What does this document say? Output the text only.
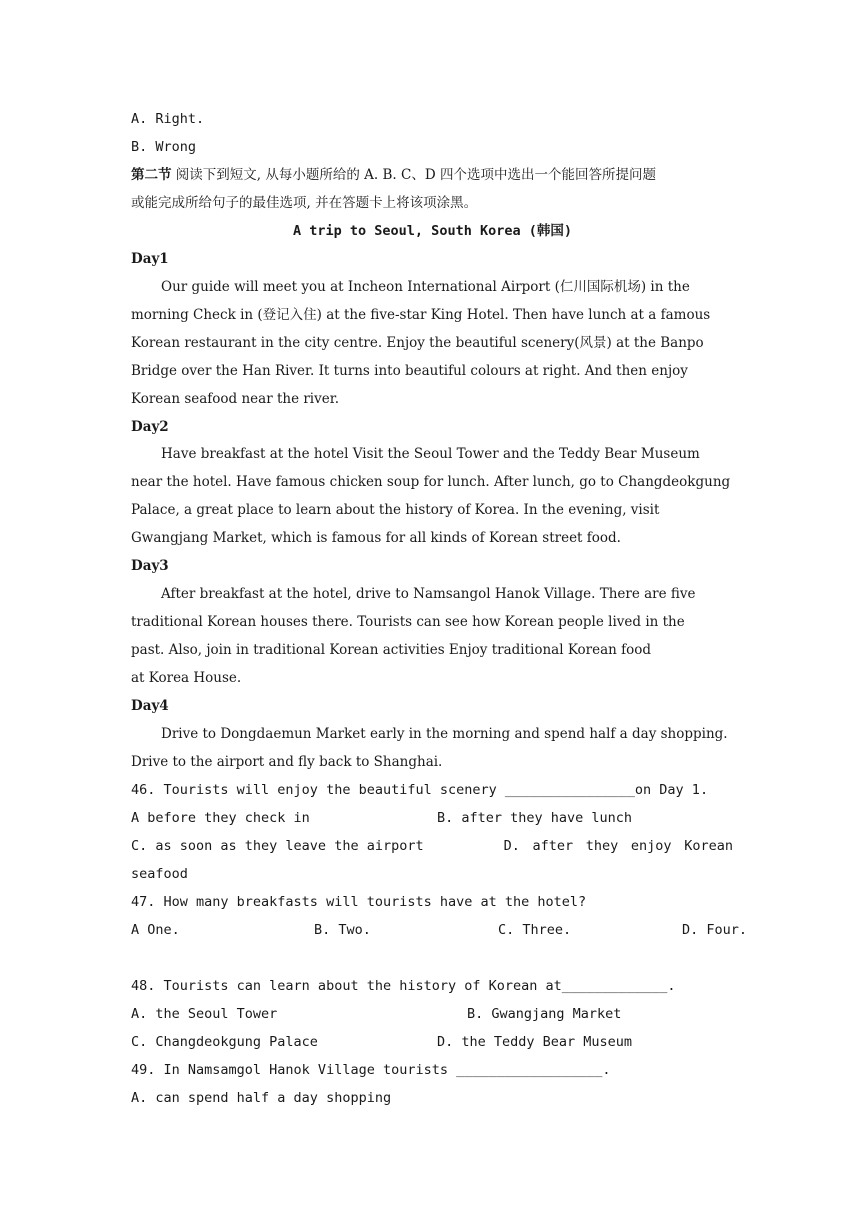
A. Right.
B. Wrong
第二节 阅读下到短文, 从每小题所给的 A. B. C、D 四个选项中选出一个能回答所提问题
或能完成所给句子的最佳选项, 并在答题卡上将该项涂黑。
A trip to Seoul, South Korea (韩国)
Day1
Our guide will meet you at Incheon International Airport (仁川国际机场) in the
morning Check in (登记入住) at the five-star King Hotel. Then have lunch at a famous
Korean restaurant in the city centre. Enjoy the beautiful scenery(风景) at the Banpo
Bridge over the Han River. It turns into beautiful colours at right. And then enjoy
Korean seafood near the river.
Day2
Have breakfast at the hotel Visit the Seoul Tower and the Teddy Bear Museum
near the hotel. Have famous chicken soup for lunch. After lunch, go to Changdeokgung
Palace, a great place to learn about the history of Korea. In the evening, visit
Gwangjang Market, which is famous for all kinds of Korean street food.
Day3
After breakfast at the hotel, drive to Namsangol Hanok Village. There are five
traditional Korean houses there. Tourists can see how Korean people lived in the
past. Also, join in traditional Korean activities Enjoy traditional Korean food
at Korea House.
Day4
Drive to Dongdaemun Market early in the morning and spend half a day shopping.
Drive to the airport and fly back to Shanghai.
46. Tourists will enjoy the beautiful scenery ________________on Day 1.
A before they check in	B. after they have lunch
C. as soon as they leave the airport	D. after they enjoy Korean
seafood
47. How many breakfasts will tourists have at the hotel?
A One.	B. Two.	C. Three.	D. Four.
48. Tourists can learn about the history of Korean at_____________.
A. the Seoul Tower	B. Gwangjang Market
C. Changdeokgung Palace	D. the Teddy Bear Museum
49. In Namsamgol Hanok Village tourists __________________.
A. can spend half a day shopping
